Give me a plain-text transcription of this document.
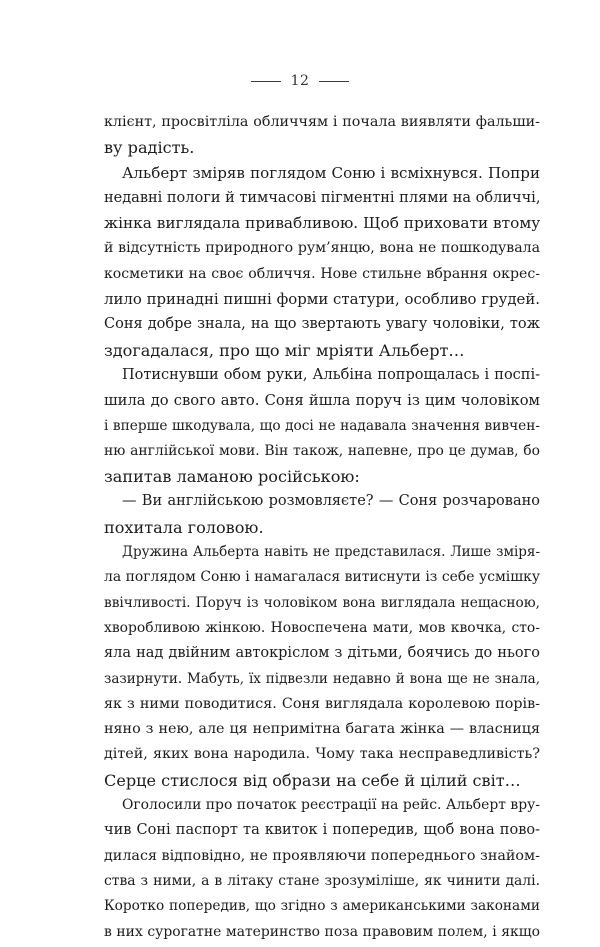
12
клієнт, просвітліла обличчям і почала виявляти фальши-
ву радість.
Альберт зміряв поглядом Соню і всміхнувся. Попри
недавні пологи й тимчасові пігментні плями на обличчі,
жінка виглядала привабливою. Щоб приховати втому
й відсутність природного рум’янцю, вона не пошкодувала
косметики на своє обличчя. Нове стильне вбрання окрес-
лило принадні пишні форми статури, особливо грудей.
Соня добре знала, на що звертають увагу чоловіки, тож
здогадалася, про що міг мріяти Альберт…
Потиснувши обом руки, Альбіна попрощалась і поспі-
шила до свого авто. Соня йшла поруч із цим чоловіком
і вперше шкодувала, що досі не надавала значення вивчен-
ню англійської мови. Він також, напевне, про це думав, бо
запитав ламаною російською:
— Ви англійською розмовляєте? — Соня розчаровано
похитала головою.
Дружина Альберта навіть не представилася. Лише зміря-
ла поглядом Соню і намагалася витиснути із себе усмішку
ввічливості. Поруч із чоловіком вона виглядала нещасною,
хворобливою жінкою. Новоспечена мати, мов квочка, сто-
яла над двійним автокріслом з дітьми, боячись до нього
зазирнути. Мабуть, їх підвезли недавно й вона ще не знала,
як з ними поводитися. Соня виглядала королевою порів-
няно з нею, але ця непримітна багата жінка — власниця
дітей, яких вона народила. Чому така несправедливість?
Серце стислося від образи на себе й цілий світ…
Оголосили про початок реєстрації на рейс. Альберт вру-
чив Соні паспорт та квиток і попередив, щоб вона пово-
дилася відповідно, не проявляючи попереднього знайом-
ства з ними, а в літаку стане зрозуміліше, як чинити далі.
Коротко попередив, що згідно з американськими законами
в них сурогатне материнство поза правовим полем, і якщо
